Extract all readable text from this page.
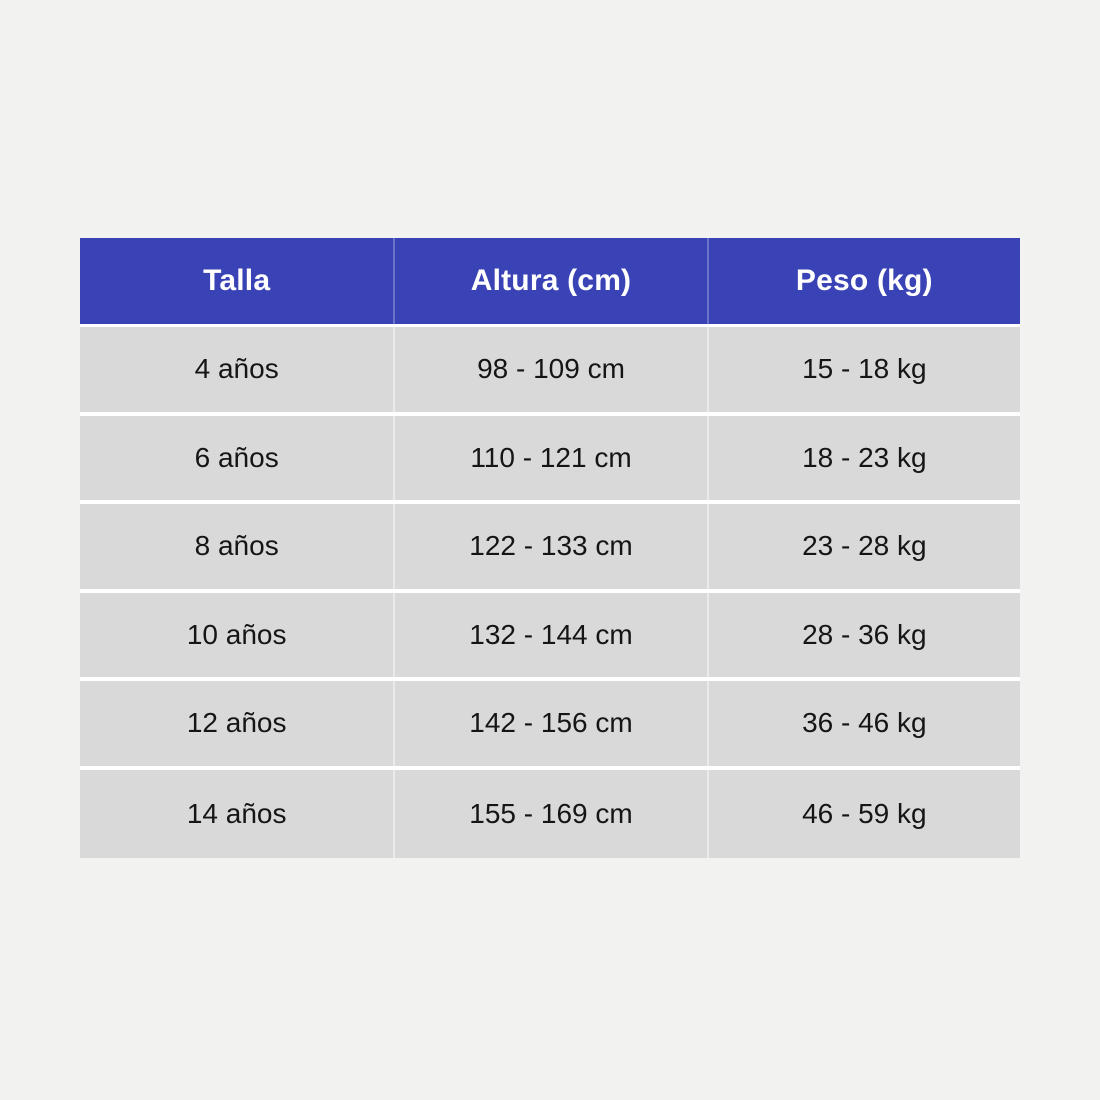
Talla	Altura (cm)	Peso (kg)
4 años	98 - 109 cm	15 - 18 kg
6 años	110 - 121 cm	18 - 23 kg
8 años	122 - 133 cm	23 - 28 kg
10 años	132 - 144 cm	28 - 36 kg
12 años	142 - 156 cm	36 - 46 kg
14 años	155 - 169 cm	46 - 59 kg
